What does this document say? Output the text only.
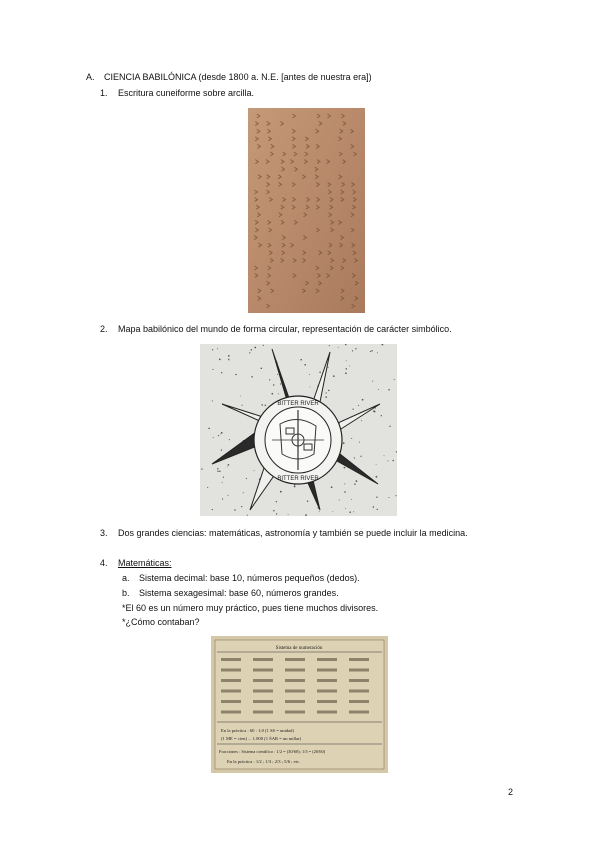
A. CIENCIA BABILÓNICA (desde 1800 a. N.E. [antes de nuestra era])
1. Escritura cuneiforme sobre arcilla.
2. Mapa babilónico del mundo de forma circular, representación de carácter simbólico.
BITTER RIVER
BITTER RIVER
3. Dos grandes ciencias: matemáticas, astronomía y también se puede incluir la medicina.
4. Matemáticas:
a. Sistema decimal: base 10, números pequeños (dedos).
b. Sistema sexagesimal: base 60, números grandes.
*El 60 es un número muy práctico, pues tiene muchos divisores.
*¿Cómo contaban?
Sistema de numeración
En la práctica : 60 : 1;0 (1 SS = unidad)
(1 ME = cien) ... 1.000 (1 ŠAR = un millar)
Fracciones : Sistema científico : 1/2 = (30/60); 1/3 = (20/60)
En la práctica : 1/2 ; 1/3 ; 2/3 ; 5/6 ; etc.
2
